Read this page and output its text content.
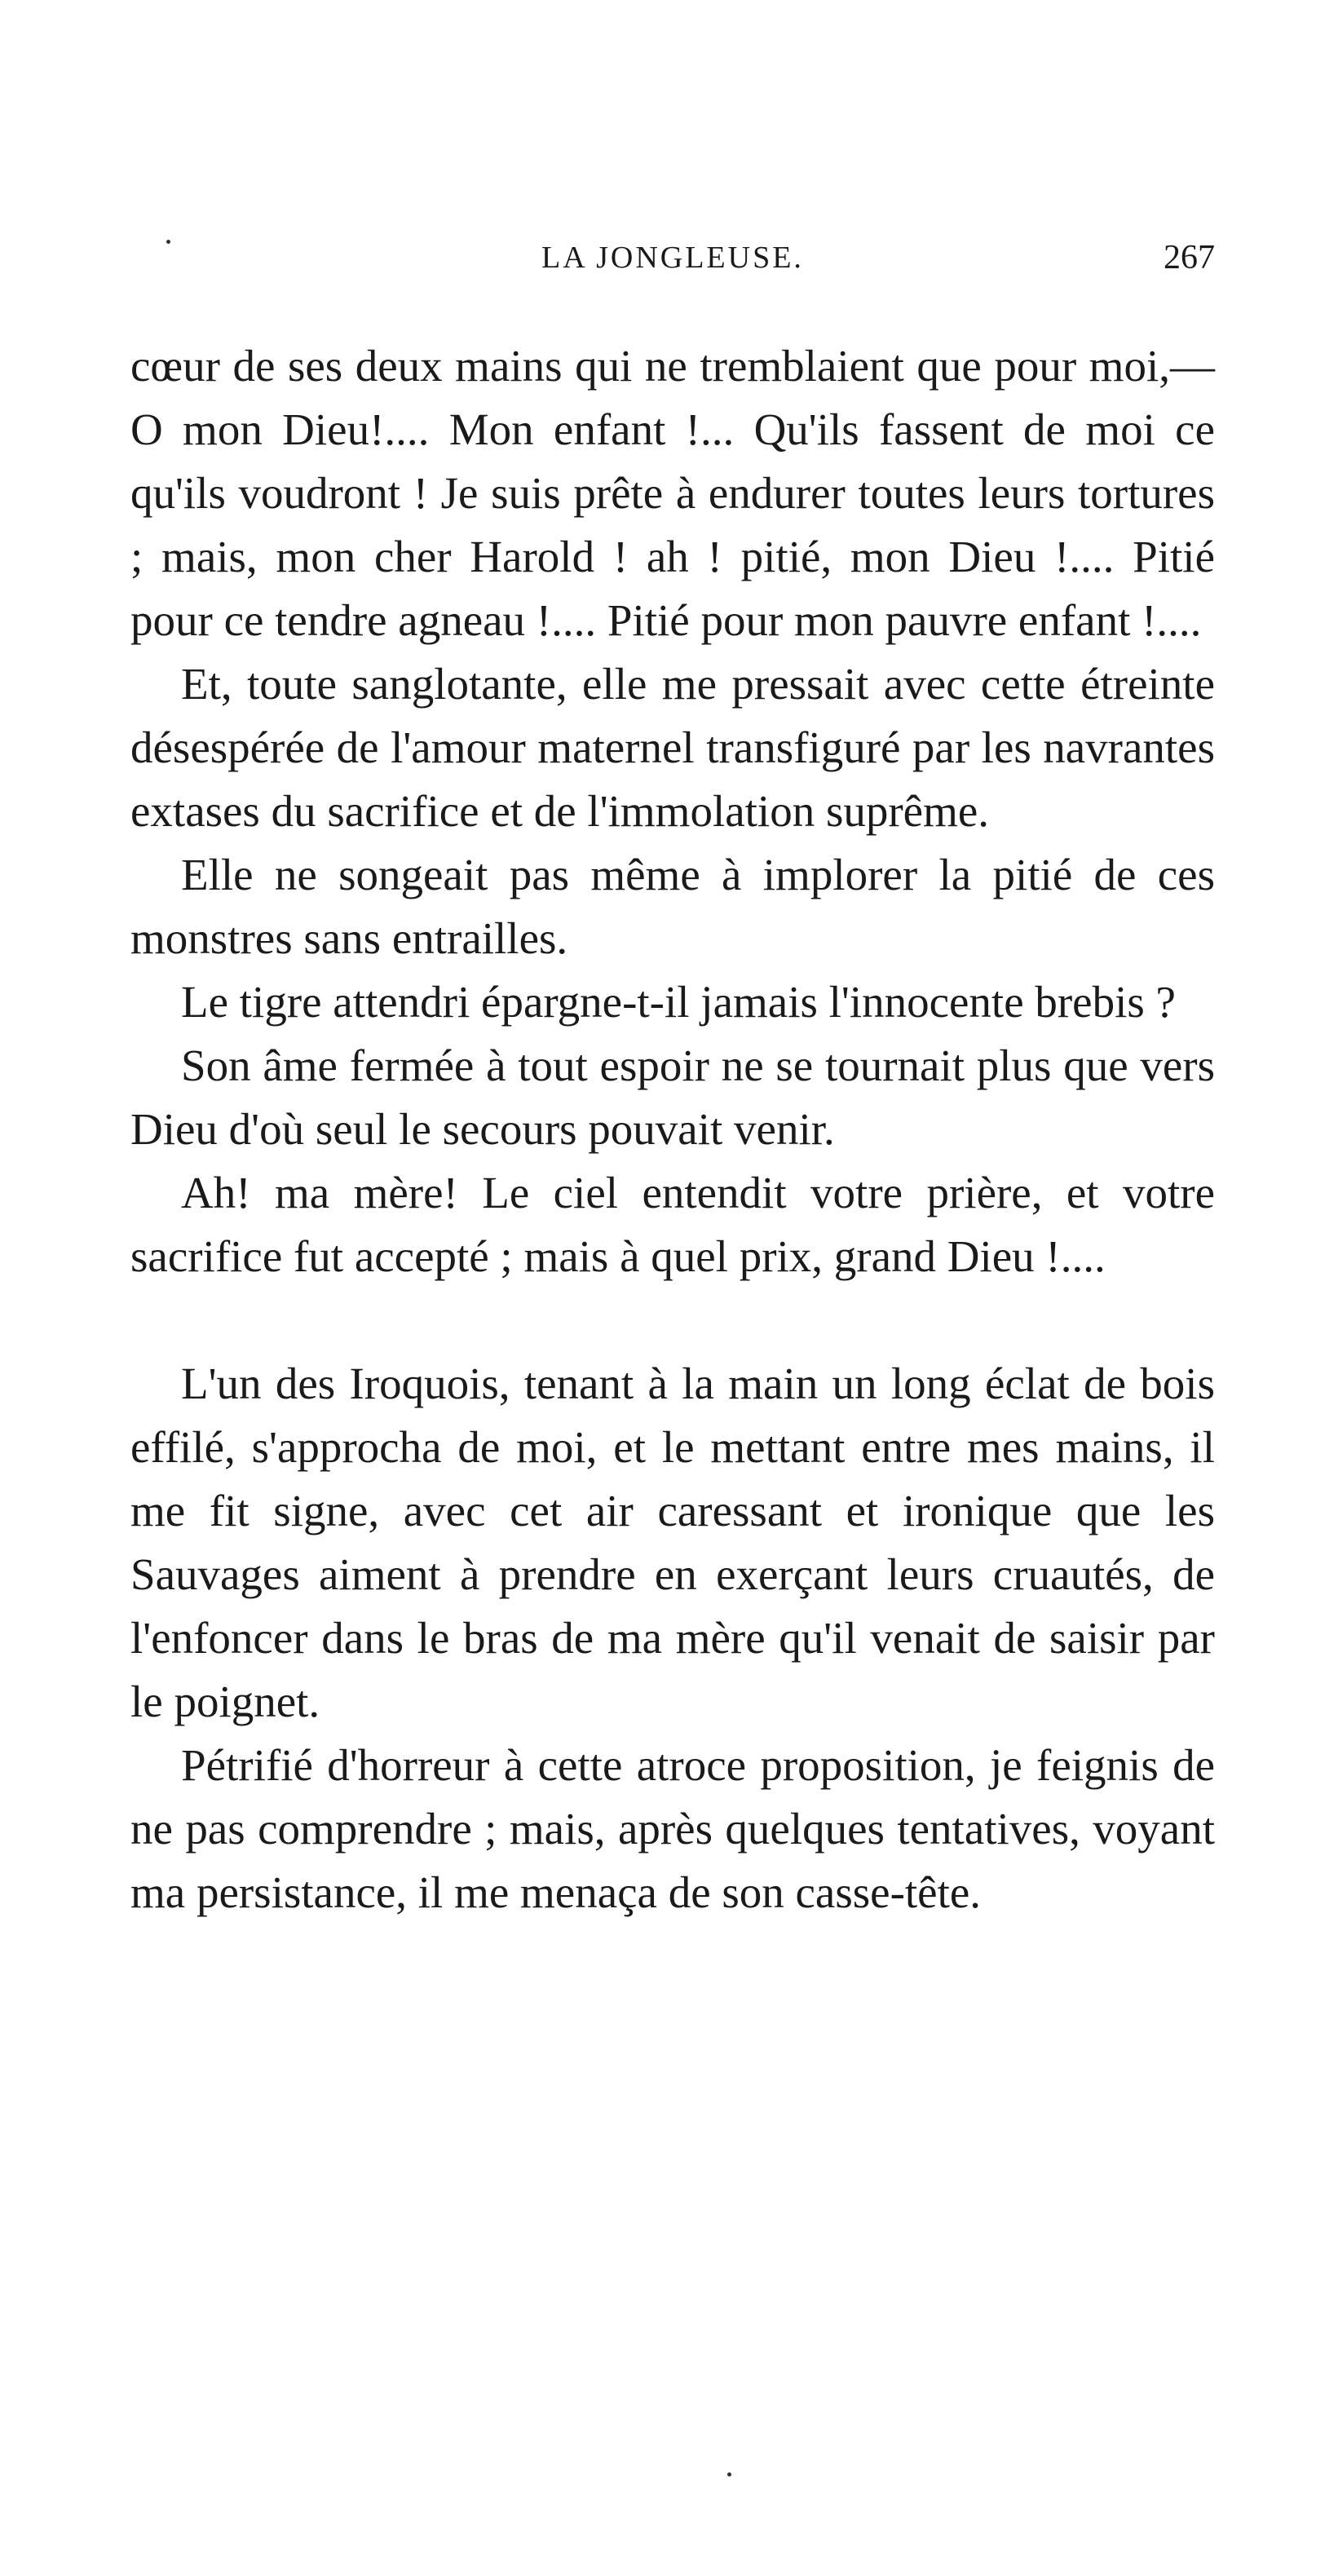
LA JONGLEUSE.	267

cœur de ses deux mains qui ne tremblaient que pour moi,—O mon Dieu!.... Mon enfant !... Qu'ils fassent de moi ce qu'ils voudront ! Je suis prête à endurer toutes leurs tortures ; mais, mon cher Harold ! ah ! pitié, mon Dieu !.... Pitié pour ce tendre agneau !.... Pitié pour mon pauvre enfant !....

Et, toute sanglotante, elle me pressait avec cette étreinte désespérée de l'amour maternel transfiguré par les navrantes extases du sacrifice et de l'immolation suprême.

Elle ne songeait pas même à implorer la pitié de ces monstres sans entrailles.

Le tigre attendri épargne-t-il jamais l'innocente brebis ?

Son âme fermée à tout espoir ne se tournait plus que vers Dieu d'où seul le secours pouvait venir.

Ah! ma mère! Le ciel entendit votre prière, et votre sacrifice fut accepté ; mais à quel prix, grand Dieu !....

L'un des Iroquois, tenant à la main un long éclat de bois effilé, s'approcha de moi, et le mettant entre mes mains, il me fit signe, avec cet air caressant et ironique que les Sauvages aiment à prendre en exerçant leurs cruautés, de l'enfoncer dans le bras de ma mère qu'il venait de saisir par le poignet.

Pétrifié d'horreur à cette atroce proposition, je feignis de ne pas comprendre ; mais, après quelques tentatives, voyant ma persistance, il me menaça de son casse-tête.
